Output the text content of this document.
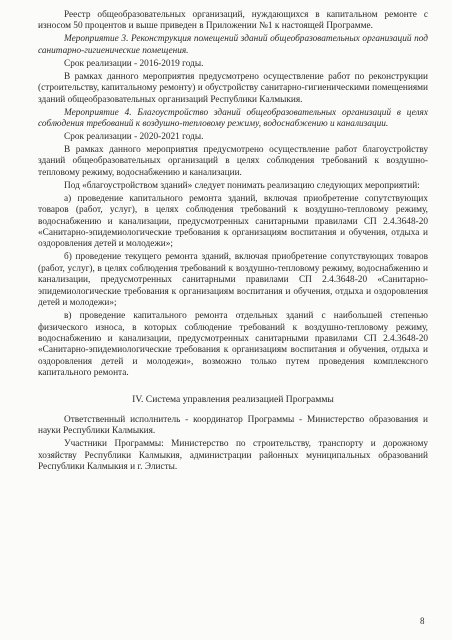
Реестр общеобразовательных организаций, нуждающихся в капитальном ремонте с износом 50 процентов и выше приведен в Приложении №1 к настоящей Программе.

Мероприятие 3. Реконструкция помещений зданий общеобразовательных организаций под санитарно-гигиенические помещения.

Срок реализации - 2016-2019 годы.

В рамках данного мероприятия предусмотрено осуществление работ по реконструкции (строительству, капитальному ремонту) и обустройству санитарно-гигиеническими помещениями зданий общеобразовательных организаций Республики Калмыкия.

Мероприятие 4. Благоустройство зданий общеобразовательных организаций в целях соблюдения требований к воздушно-тепловому режиму, водоснабжению и канализации.

Срок реализации - 2020-2021 годы.

В рамках данного мероприятия предусмотрено осуществление работ благоустройству зданий общеобразовательных организаций в целях соблюдения требований к воздушно-тепловому режиму, водоснабжению и канализации.

Под «благоустройством зданий» следует понимать реализацию следующих мероприятий:

а) проведение капитального ремонта зданий, включая приобретение сопутствующих товаров (работ, услуг), в целях соблюдения требований к воздушно-тепловому режиму, водоснабжению и канализации, предусмотренных санитарными правилами СП 2.4.3648-20 «Санитарно-эпидемиологические требования к организациям воспитания и обучения, отдыха и оздоровления детей и молодежи»;

б) проведение текущего ремонта зданий, включая приобретение сопутствующих товаров (работ, услуг), в целях соблюдения требований к воздушно-тепловому режиму, водоснабжению и канализации, предусмотренных санитарными правилами СП 2.4.3648-20 «Санитарно-эпидемиологические требования к организациям воспитания и обучения, отдыха и оздоровления детей и молодежи»;

в) проведение капитального ремонта отдельных зданий с наибольшей степенью физического износа, в которых соблюдение требований к воздушно-тепловому режиму, водоснабжению и канализации, предусмотренных санитарными правилами СП 2.4.3648-20 «Санитарно-эпидемиологические требования к организациям воспитания и обучения, отдыха и оздоровления детей и молодежи», возможно только путем проведения комплексного капитального ремонта.

IV. Система управления реализацией Программы

Ответственный исполнитель - координатор Программы - Министерство образования и науки Республики Калмыкия.

Участники Программы: Министерство по строительству, транспорту и дорожному хозяйству Республики Калмыкия, администрации районных муниципальных образований Республики Калмыкия и г. Элисты.

8
